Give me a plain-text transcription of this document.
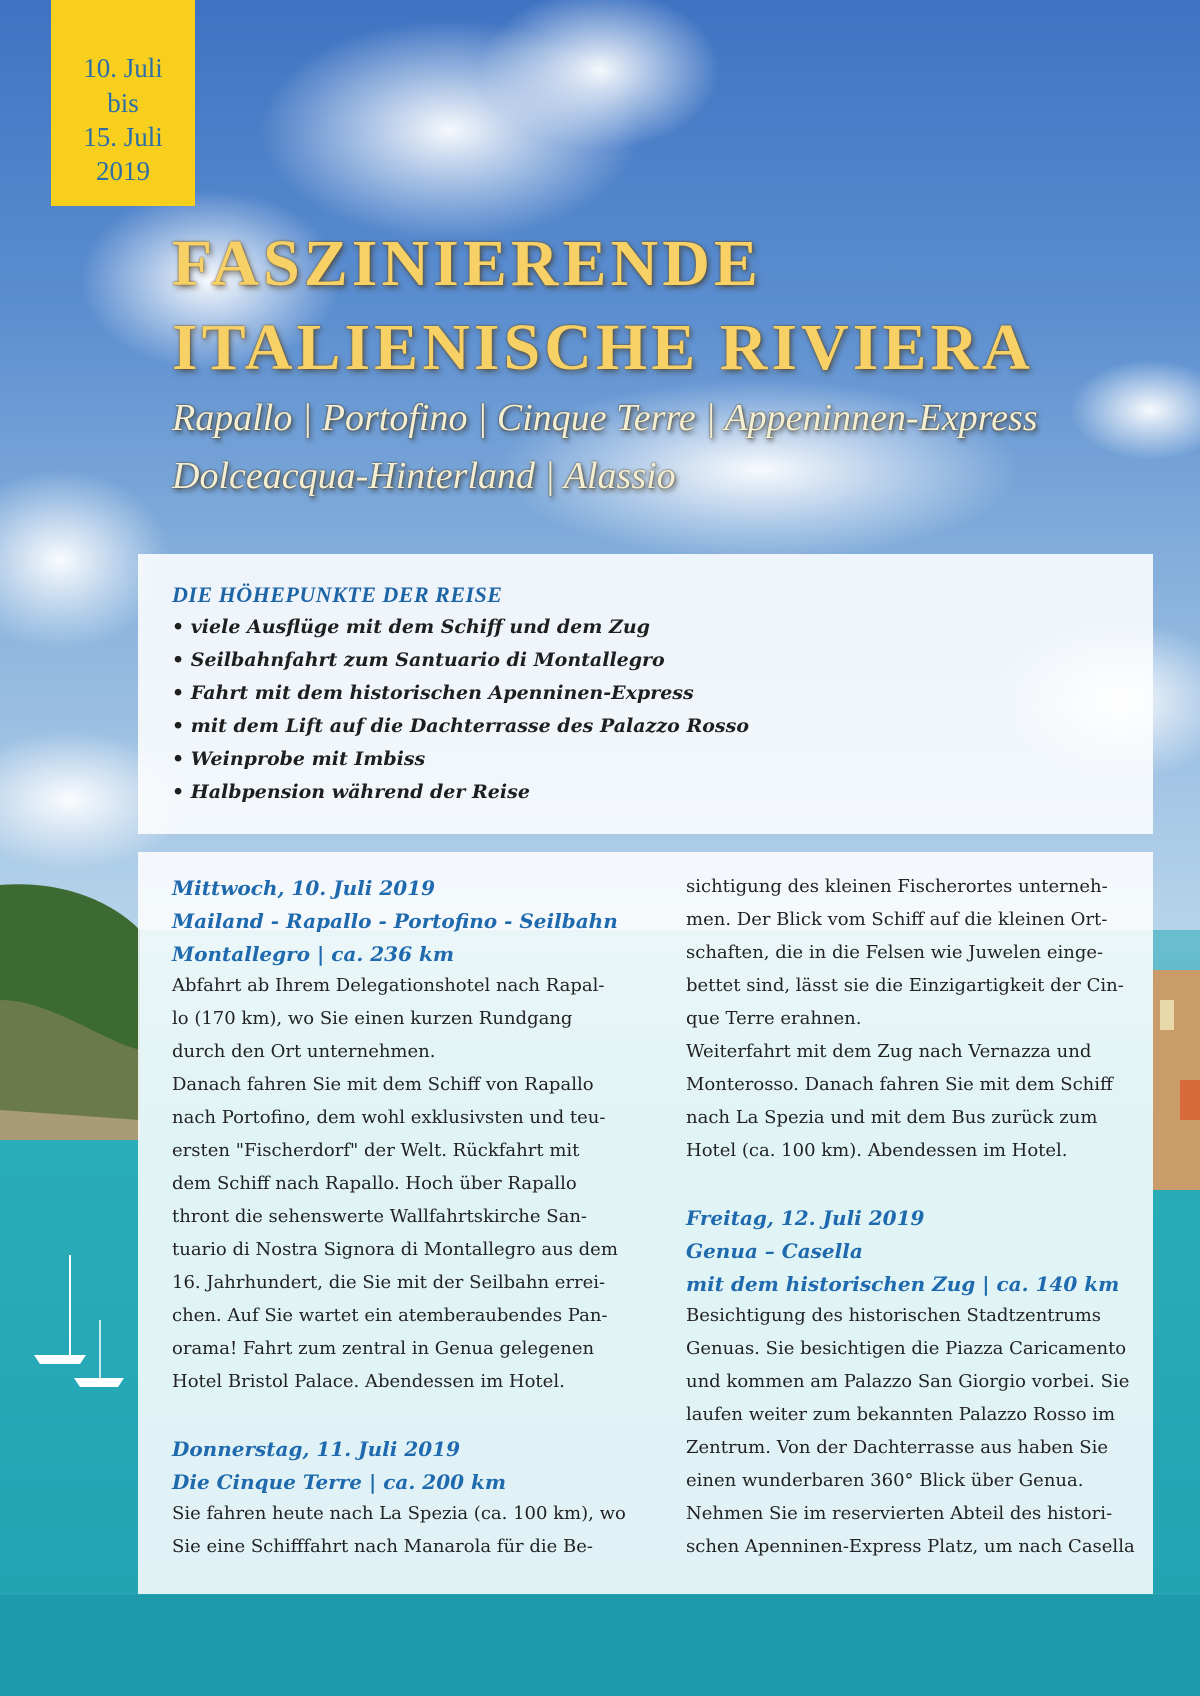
10. Juli
bis
15. Juli
2019
FASZINIERENDE
ITALIENISCHE RIVIERA
Rapallo | Portofino | Cinque Terre | Appeninnen-Express
Dolceacqua-Hinterland | Alassio
DIE HÖHEPUNKTE DER REISE
• viele Ausflüge mit dem Schiff und dem Zug
• Seilbahnfahrt zum Santuario di Montallegro
• Fahrt mit dem historischen Apenninen-Express
• mit dem Lift auf die Dachterrasse des Palazzo Rosso
• Weinprobe mit Imbiss
• Halbpension während der Reise
Mittwoch, 10. Juli 2019
Mailand - Rapallo - Portofino - Seilbahn
Montallegro | ca. 236 km
Abfahrt ab Ihrem Delegationshotel nach Rapal-
lo (170 km), wo Sie einen kurzen Rundgang
durch den Ort unternehmen.
Danach fahren Sie mit dem Schiff von Rapallo
nach Portofino, dem wohl exklusivsten und teu-
ersten "Fischerdorf" der Welt. Rückfahrt mit
dem Schiff nach Rapallo. Hoch über Rapallo
thront die sehenswerte Wallfahrtskirche San-
tuario di Nostra Signora di Montallegro aus dem
16. Jahrhundert, die Sie mit der Seilbahn errei-
chen. Auf Sie wartet ein atemberaubendes Pan-
orama! Fahrt zum zentral in Genua gelegenen
Hotel Bristol Palace. Abendessen im Hotel.
Donnerstag, 11. Juli 2019
Die Cinque Terre | ca. 200 km
Sie fahren heute nach La Spezia (ca. 100 km), wo
Sie eine Schifffahrt nach Manarola für die Be-
sichtigung des kleinen Fischerortes unterneh-
men. Der Blick vom Schiff auf die kleinen Ort-
schaften, die in die Felsen wie Juwelen einge-
bettet sind, lässt sie die Einzigartigkeit der Cin-
que Terre erahnen.
Weiterfahrt mit dem Zug nach Vernazza und
Monterosso. Danach fahren Sie mit dem Schiff
nach La Spezia und mit dem Bus zurück zum
Hotel (ca. 100 km). Abendessen im Hotel.
Freitag, 12. Juli 2019
Genua – Casella
mit dem historischen Zug | ca. 140 km
Besichtigung des historischen Stadtzentrums
Genuas. Sie besichtigen die Piazza Caricamento
und kommen am Palazzo San Giorgio vorbei. Sie
laufen weiter zum bekannten Palazzo Rosso im
Zentrum. Von der Dachterrasse aus haben Sie
einen wunderbaren 360° Blick über Genua.
Nehmen Sie im reservierten Abteil des histori-
schen Apenninen-Express Platz, um nach Casella
